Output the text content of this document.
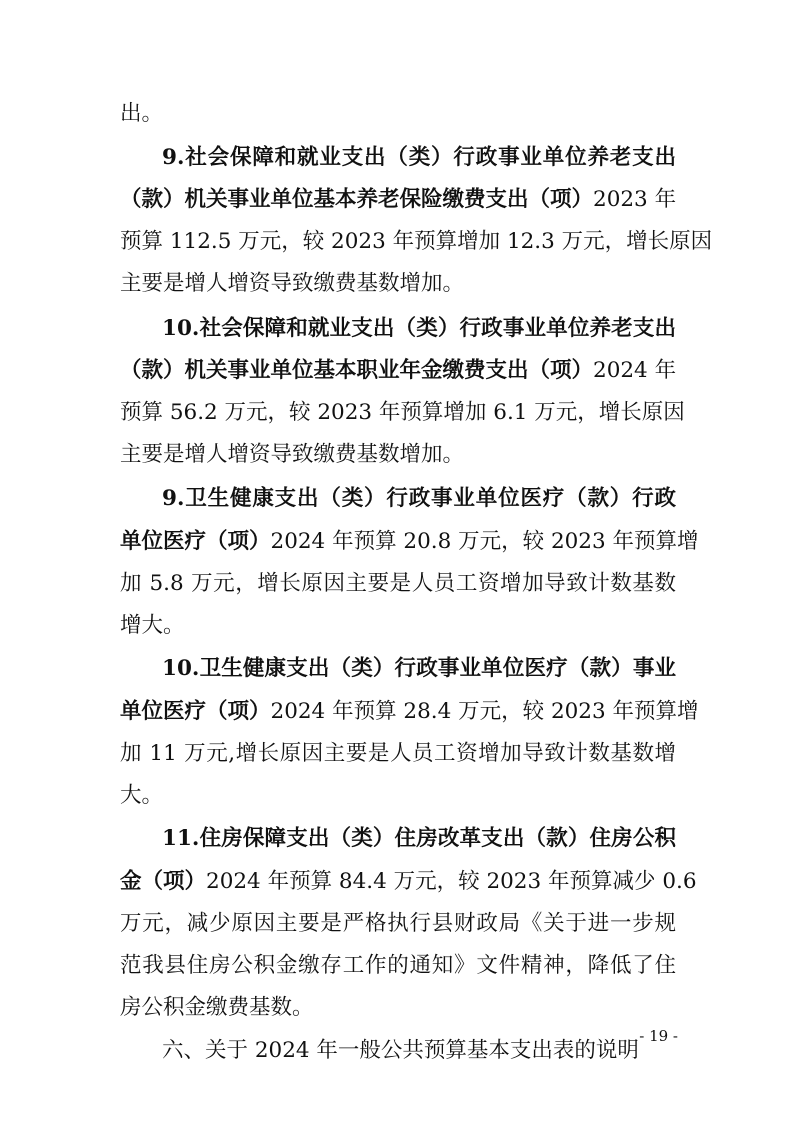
出。
9.社会保障和就业支出（类）行政事业单位养老支出
（款）机关事业单位基本养老保险缴费支出（项）2023 年
预算 112.5 万元，较 2023 年预算增加 12.3 万元，增长原因
主要是增人增资导致缴费基数增加。
10.社会保障和就业支出（类）行政事业单位养老支出
（款）机关事业单位基本职业年金缴费支出（项）2024 年
预算 56.2 万元，较 2023 年预算增加 6.1 万元，增长原因
主要是增人增资导致缴费基数增加。
9.卫生健康支出（类）行政事业单位医疗（款）行政
单位医疗（项）2024 年预算 20.8 万元，较 2023 年预算增
加 5.8 万元，增长原因主要是人员工资增加导致计数基数
增大。
10.卫生健康支出（类）行政事业单位医疗（款）事业
单位医疗（项）2024 年预算 28.4 万元，较 2023 年预算增
加 11 万元,增长原因主要是人员工资增加导致计数基数增
大。
11.住房保障支出（类）住房改革支出（款）住房公积
金（项）2024 年预算 84.4 万元，较 2023 年预算减少 0.6
万元，减少原因主要是严格执行县财政局《关于进一步规
范我县住房公积金缴存工作的通知》文件精神，降低了住
房公积金缴费基数。
六、关于 2024 年一般公共预算基本支出表的说明
- 19 -
